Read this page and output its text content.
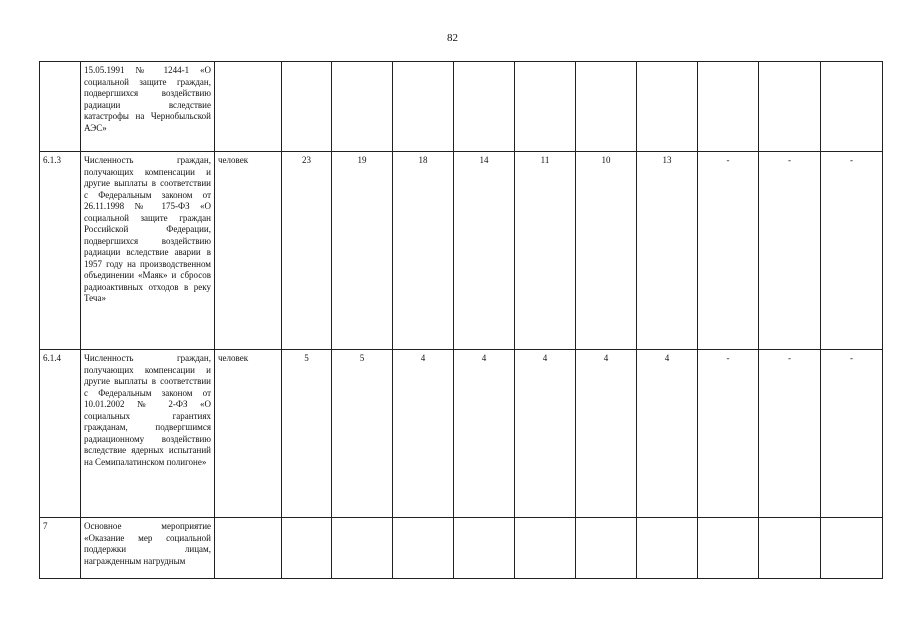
82
	15.05.1991 № 1244-1 «О социальной защите граждан, подвергшихся воздействию радиации вследствие катастрофы на Чернобыльской АЭС»											
6.1.3	Численность граждан, получающих компенсации и другие выплаты в соответствии с Федеральным законом от 26.11.1998 № 175-ФЗ «О социальной защите граждан Российской Федерации, подвергшихся воздействию радиации вследствие аварии в 1957 году на производственном объединении «Маяк» и сбросов радиоактивных отходов в реку Теча»	человек	23	19	18	14	11	10	13	-	-	-
6.1.4	Численность граждан, получающих компенсации и другие выплаты в соответствии с Федеральным законом от 10.01.2002 № 2-ФЗ «О социальных гарантиях гражданам, подвергшимся радиационному воздействию вследствие ядерных испытаний на Семипалатинском полигоне»	человек	5	5	4	4	4	4	4	-	-	-
7	Основное мероприятие «Оказание мер социальной поддержки лицам, награжденным нагрудным											
